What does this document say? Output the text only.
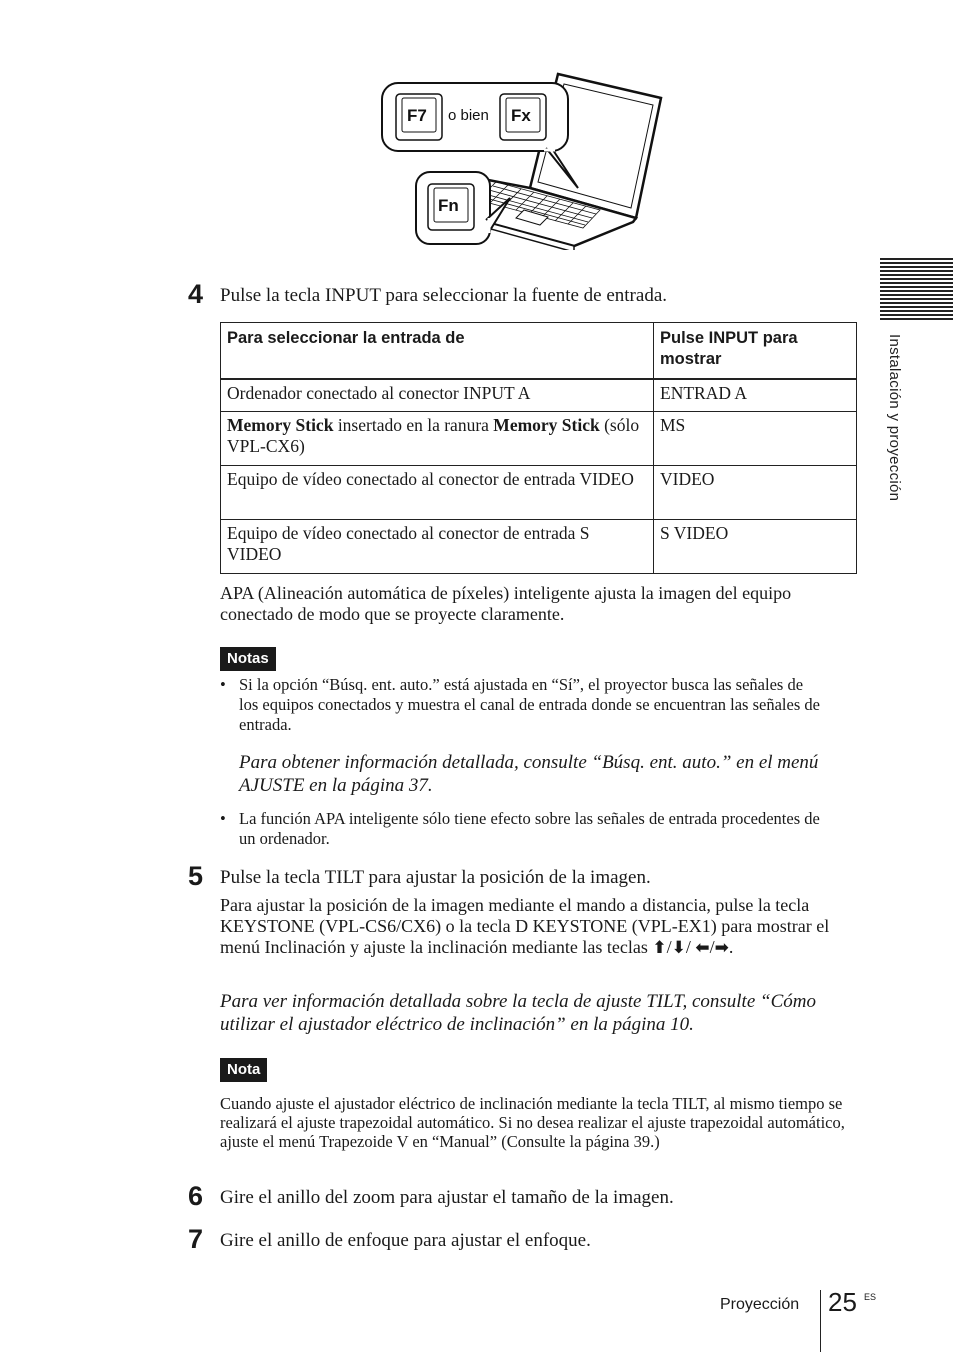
F7 o bien Fx
Fn
Instalación y proyección
4 Pulse la tecla INPUT para seleccionar la fuente de entrada.
Para seleccionar la entrada de	Pulse INPUT para mostrar
Ordenador conectado al conector INPUT A	ENTRAD A
Memory Stick insertado en la ranura Memory Stick (sólo VPL-CX6)	MS
Equipo de vídeo conectado al conector de entrada VIDEO	VIDEO
Equipo de vídeo conectado al conector de entrada S VIDEO	S VIDEO
APA (Alineación automática de píxeles) inteligente ajusta la imagen del equipo conectado de modo que se proyecte claramente.
Notas
• Si la opción “Búsq. ent. auto.” está ajustada en “Sí”, el proyector busca las señales de los equipos conectados y muestra el canal de entrada donde se encuentran las señales de entrada.
Para obtener información detallada, consulte “Búsq. ent. auto.” en el menú AJUSTE en la página 37.
• La función APA inteligente sólo tiene efecto sobre las señales de entrada procedentes de un ordenador.
5 Pulse la tecla TILT para ajustar la posición de la imagen.
Para ajustar la posición de la imagen mediante el mando a distancia, pulse la tecla KEYSTONE (VPL-CS6/CX6) o la tecla D KEYSTONE (VPL-EX1) para mostrar el menú Inclinación y ajuste la inclinación mediante las teclas ⬆/⬇/ ⬅/➡.
Para ver información detallada sobre la tecla de ajuste TILT, consulte “Cómo utilizar el ajustador eléctrico de inclinación” en la página 10.
Nota
Cuando ajuste el ajustador eléctrico de inclinación mediante la tecla TILT, al mismo tiempo se realizará el ajuste trapezoidal automático. Si no desea realizar el ajuste trapezoidal automático, ajuste el menú Trapezoide V en “Manual” (Consulte la página 39.)
6 Gire el anillo del zoom para ajustar el tamaño de la imagen.
7 Gire el anillo de enfoque para ajustar el enfoque.
Proyección 25 ES
